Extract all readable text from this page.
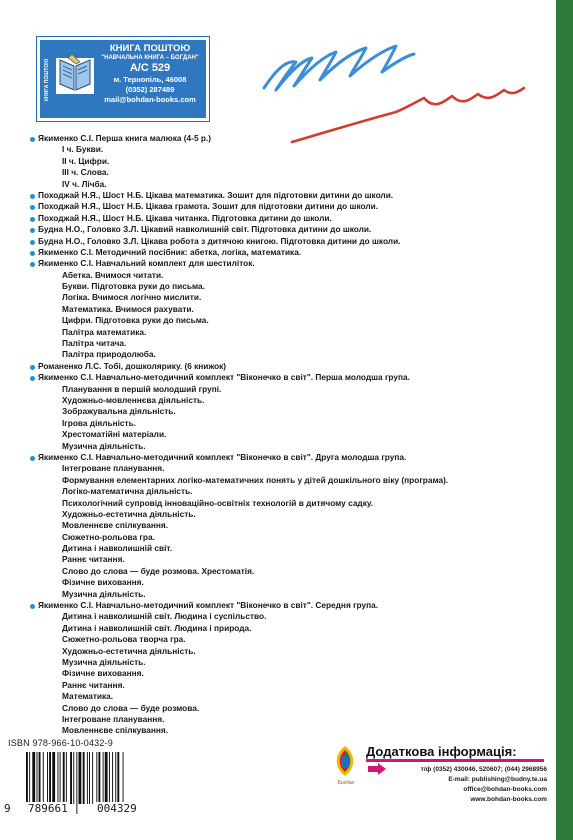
КНИГА ПОШТОЮ
КНИГА ПОШТОЮ
"НАВЧАЛЬНА КНИГА – БОГДАН"
А/С 529
м. Тернопіль, 46008
(0352) 287489
mail@bohdan-books.com
Якименко С.І. Перша книга малюка (4-5 р.)
І ч. Букви.
ІІ ч. Цифри.
ІІІ ч. Слова.
IV ч. Лічба.
Походжай Н.Я., Шост Н.Б. Цікава математика. Зошит для підготовки дитини до школи.
Походжай Н.Я., Шост Н.Б. Цікава грамота. Зошит для підготовки дитини до школи.
Походжай Н.Я., Шост Н.Б. Цікава читанка. Підготовка дитини до школи.
Будна Н.О., Головко З.Л. Цікавий навколишній світ. Підготовка дитини до школи.
Будна Н.О., Головко З.Л. Цікава робота з дитячою книгою. Підготовка дитини до школи.
Якименко С.І. Методичний посібник: абетка, логіка, математика.
Якименко С.І. Навчальний комплект для шестиліток.
Абетка. Вчимося читати.
Букви. Підготовка руки до письма.
Логіка. Вчимося логічно мислити.
Математика. Вчимося рахувати.
Цифри. Підготовка руки до письма.
Палітра математика.
Палітра читача.
Палітра природолюба.
Романенко Л.С. Тобі, дошколярику. (6 книжок)
Якименко С.І. Навчально-методичний комплект "Віконечко в світ". Перша молодша група.
Планування в першій молодший групі.
Художньо-мовленнєва діяльність.
Зображувальна діяльність.
Ігрова діяльність.
Хрестоматійні матеріали.
Музична діяльність.
Якименко С.І. Навчально-методичний комплект "Віконечко в світ". Друга молодша група.
Інтегроване планування.
Формування елементарних логіко-математичних понять у дітей дошкільного віку (програма).
Логіко-математична діяльність.
Психологічний супровід інноваційно-освітніх технологій в дитячому садку.
Художньо-естетична діяльність.
Мовленнєве спілкування.
Сюжетно-рольова гра.
Дитина і навколишній світ.
Раннє читання.
Слово до слова — буде розмова. Хрестоматія.
Фізичне виховання.
Музична діяльність.
Якименко С.І. Навчально-методичний комплект "Віконечко в світ". Середня група.
Дитина і навколишній світ. Людина і суспільство.
Дитина і навколишній світ. Людина і природа.
Сюжетно-рольова творча гра.
Художньо-естетична діяльність.
Музична діяльність.
Фізичне виховання.
Раннє читання.
Математика.
Слово до слова — буде розмова.
Інтегроване планування.
Мовленнєве спілкування.
ISBN 978-966-10-0432-9
9 789661	004329
Богдан
Додаткова інформація:
т/ф (0352) 430046, 520607; (044) 2968956
E-mail: publishing@budny.te.ua
office@bohdan-books.com
www.bohdan-books.com
